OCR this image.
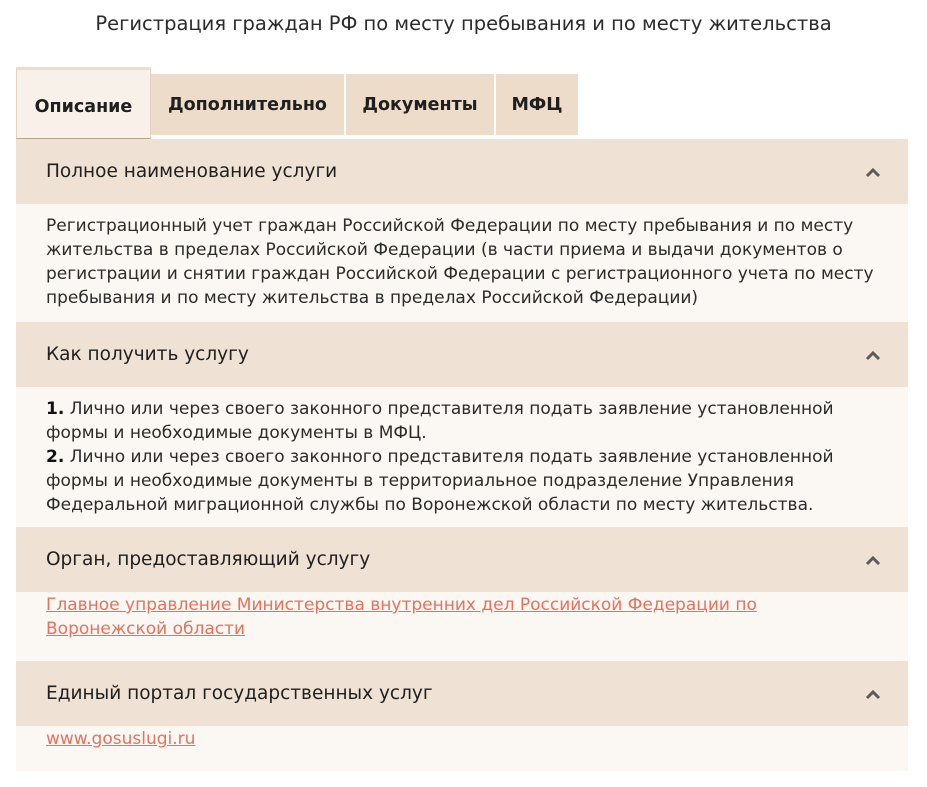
Регистрация граждан РФ по месту пребывания и по месту жительства
Описание Дополнительно Документы МФЦ
Полное наименование услуги

Регистрационный учет граждан Российской Федерации по месту пребывания и по месту жительства в пределах Российской Федерации (в части приема и выдачи документов о регистрации и снятии граждан Российской Федерации с регистрационного учета по месту пребывания и по месту жительства в пределах Российской Федерации)

Как получить услугу

1. Лично или через своего законного представителя подать заявление установленной формы и необходимые документы в МФЦ.

2. Лично или через своего законного представителя подать заявление установленной формы и необходимые документы в территориальное подразделение Управления Федеральной миграционной службы по Воронежской области по месту жительства.

Орган, предоставляющий услугу
Главное управление Министерства внутренних дел Российской Федерации по Воронежской области
Единый портал государственных услуг
www.gosuslugi.ru
